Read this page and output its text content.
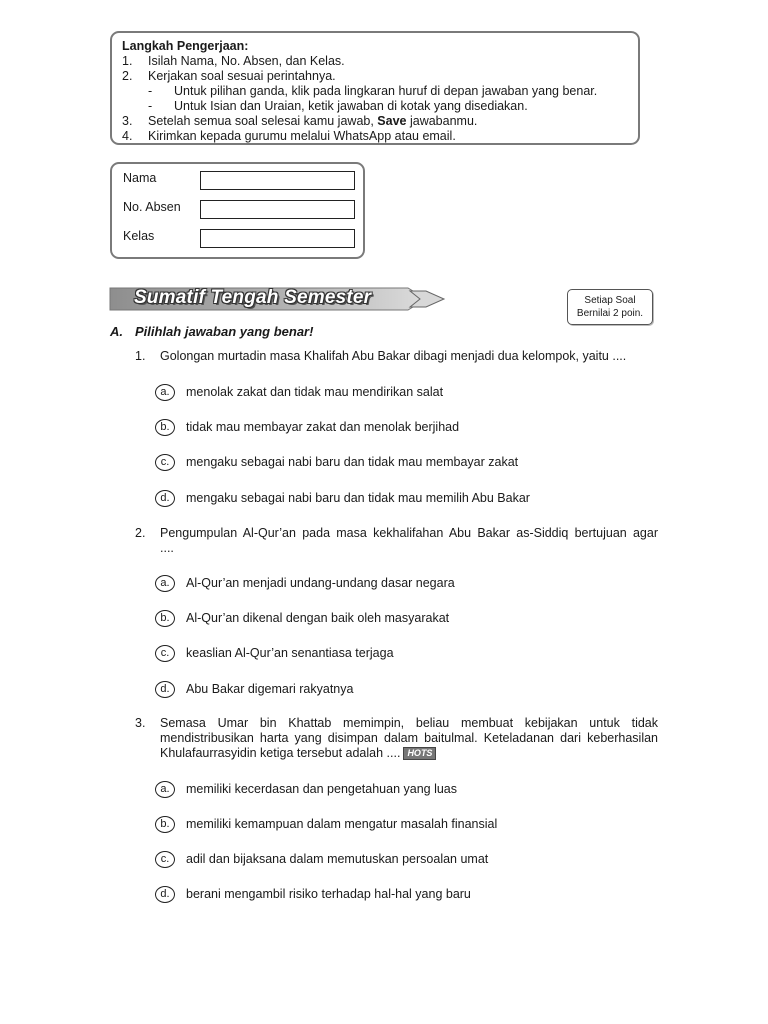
Langkah Pengerjaan:
1. Isilah Nama, No. Absen, dan Kelas.
2. Kerjakan soal sesuai perintahnya.
- Untuk pilihan ganda, klik pada lingkaran huruf di depan jawaban yang benar.
- Untuk Isian dan Uraian, ketik jawaban di kotak yang disediakan.
3. Setelah semua soal selesai kamu jawab, Save jawabanmu.
4. Kirimkan kepada gurumu melalui WhatsApp atau email.
Nama
No. Absen
Kelas
Sumatif Tengah Semester	Setiap Soal
Bernilai 2 poin.
A. Pilihlah jawaban yang benar!
1. Golongan murtadin masa Khalifah Abu Bakar dibagi menjadi dua kelompok, yaitu ....
a.	menolak zakat dan tidak mau mendirikan salat
b.	tidak mau membayar zakat dan menolak berjihad
c.	mengaku sebagai nabi baru dan tidak mau membayar zakat
d.	mengaku sebagai nabi baru dan tidak mau memilih Abu Bakar
2. Pengumpulan Al-Qur’an pada masa kekhalifahan Abu Bakar as-Siddiq bertujuan agar
....
a.	Al-Qur’an menjadi undang-undang dasar negara
b.	Al-Qur’an dikenal dengan baik oleh masyarakat
c.	keaslian Al-Qur’an senantiasa terjaga
d.	Abu Bakar digemari rakyatnya
3. Semasa Umar bin Khattab memimpin, beliau membuat kebijakan untuk tidak
mendistribusikan harta yang disimpan dalam baitulmal. Keteladanan dari keberhasilan
Khulafaurrasyidin ketiga tersebut adalah .... HOTS
a.	memiliki kecerdasan dan pengetahuan yang luas
b.	memiliki kemampuan dalam mengatur masalah finansial
c.	adil dan bijaksana dalam memutuskan persoalan umat
d.	berani mengambil risiko terhadap hal-hal yang baru
